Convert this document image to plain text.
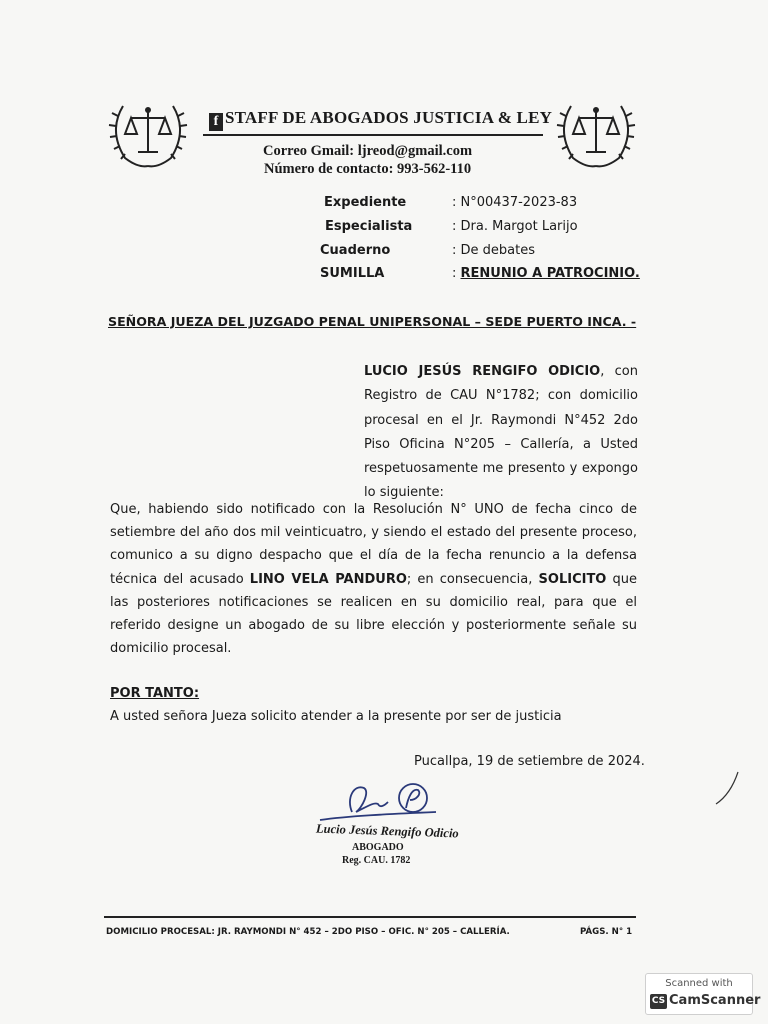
f STAFF DE ABOGADOS JUSTICIA & LEY
Correo Gmail: ljreod@gmail.com
Número de contacto: 993-562-110
Expediente	: N°00437-2023-83
Especialista	: Dra. Margot Larijo
Cuaderno	: De debates
SUMILLA	: RENUNIO A PATROCINIO.
SEÑORA JUEZA DEL JUZGADO PENAL UNIPERSONAL – SEDE PUERTO INCA. -
LUCIO JESÚS RENGIFO ODICIO, con Registro de CAU N°1782; con domicilio procesal en el Jr. Raymondi N°452 2do Piso Oficina N°205 – Callería, a Usted respetuosamente me presento y expongo lo siguiente:
Que, habiendo sido notificado con la Resolución N° UNO de fecha cinco de setiembre del año dos mil veinticuatro, y siendo el estado del presente proceso, comunico a su digno despacho que el día de la fecha renuncio a la defensa técnica del acusado LINO VELA PANDURO; en consecuencia, SOLICITO que las posteriores notificaciones se realicen en su domicilio real, para que el referido designe un abogado de su libre elección y posteriormente señale su domicilio procesal.
POR TANTO:
A usted señora Jueza solicito atender a la presente por ser de justicia
Pucallpa, 19 de setiembre de 2024.
Lucio Jesús Rengifo Odicio
ABOGADO
Reg. CAU. 1782
DOMICILIO PROCESAL: JR. RAYMONDI N° 452 – 2DO PISO – OFIC. N° 205 – CALLERÍA.	PÁGS. N° 1
Scanned with
CS CamScanner
